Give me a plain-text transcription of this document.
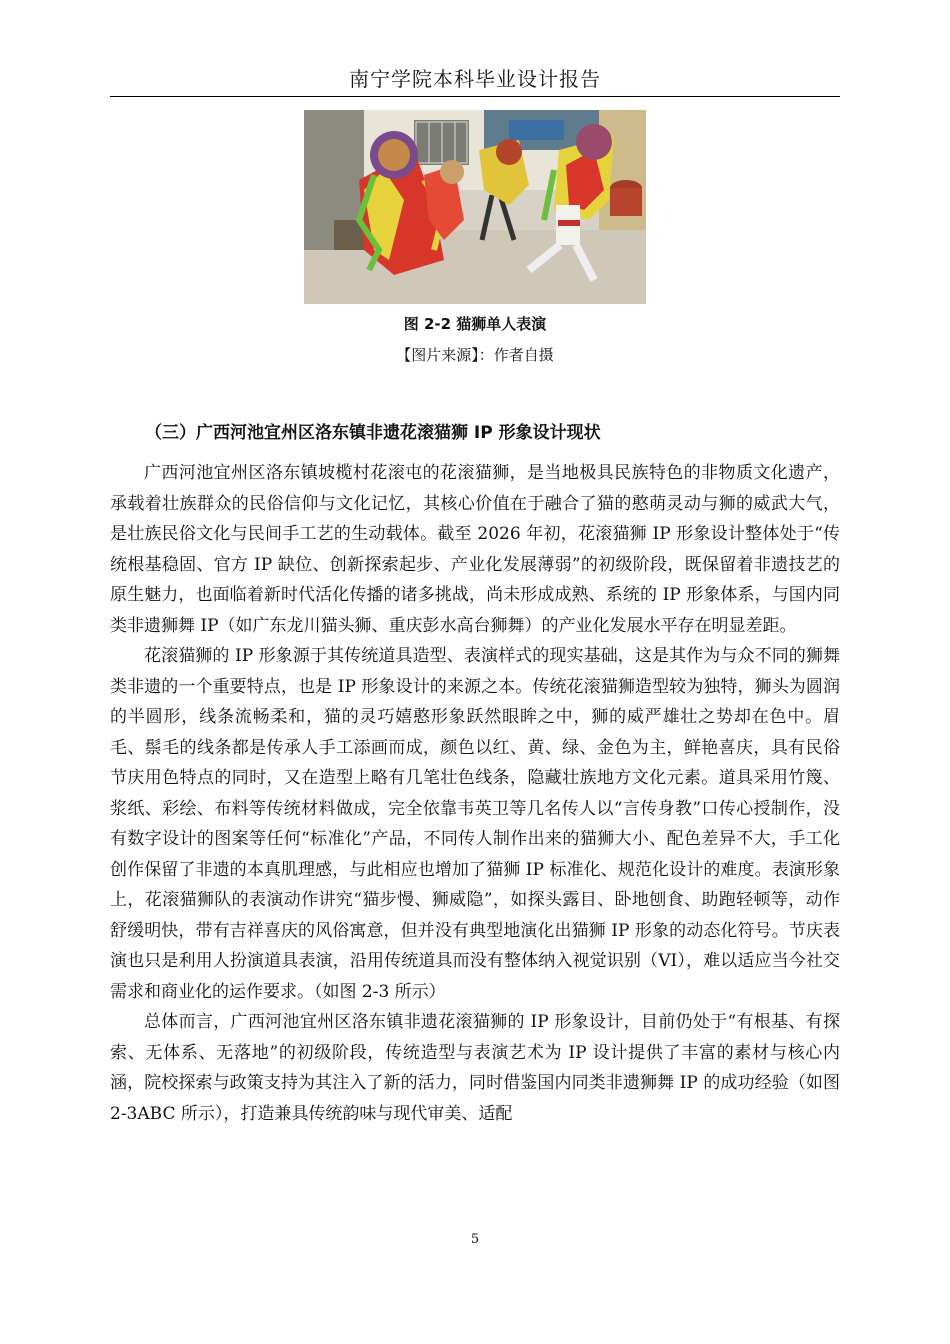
南宁学院本科毕业设计报告
图 2-2 猫狮单人表演
【图片来源】：作者自摄
（三）广西河池宜州区洛东镇非遗花滚猫狮 IP 形象设计现状

广西河池宜州区洛东镇坡榄村花滚屯的花滚猫狮，是当地极具民族特色的非物质文化遗产，承载着壮族群众的民俗信仰与文化记忆，其核心价值在于融合了猫的憨萌灵动与狮的威武大气，是壮族民俗文化与民间手工艺的生动载体。截至 2026 年初，花滚猫狮 IP 形象设计整体处于“传统根基稳固、官方 IP 缺位、创新探索起步、产业化发展薄弱”的初级阶段，既保留着非遗技艺的原生魅力，也面临着新时代活化传播的诸多挑战，尚未形成成熟、系统的 IP 形象体系，与国内同类非遗狮舞 IP（如广东龙川猫头狮、重庆彭水高台狮舞）的产业化发展水平存在明显差距。

花滚猫狮的 IP 形象源于其传统道具造型、表演样式的现实基础，这是其作为与众不同的狮舞类非遗的一个重要特点，也是 IP 形象设计的来源之本。传统花滚猫狮造型较为独特，狮头为圆润的半圆形，线条流畅柔和，猫的灵巧嬉憨形象跃然眼眸之中，狮的威严雄壮之势却在色中。眉毛、鬃毛的线条都是传承人手工添画而成，颜色以红、黄、绿、金色为主，鲜艳喜庆，具有民俗节庆用色特点的同时，又在造型上略有几笔壮色线条，隐藏壮族地方文化元素。道具采用竹篾、浆纸、彩绘、布料等传统材料做成，完全依靠韦英卫等几名传人以“言传身教”口传心授制作，没有数字设计的图案等任何“标准化”产品，不同传人制作出来的猫狮大小、配色差异不大，手工化创作保留了非遗的本真肌理感，与此相应也增加了猫狮 IP 标准化、规范化设计的难度。表演形象上，花滚猫狮队的表演动作讲究“猫步慢、狮威隐”，如探头露目、卧地刨食、助跑轻顿等，动作舒缓明快，带有吉祥喜庆的风俗寓意，但并没有典型地演化出猫狮 IP 形象的动态化符号。节庆表演也只是利用人扮演道具表演，沿用传统道具而没有整体纳入视觉识别（VI），难以适应当今社交需求和商业化的运作要求。（如图 2-3 所示）

总体而言，广西河池宜州区洛东镇非遗花滚猫狮的 IP 形象设计，目前仍处于“有根基、有探索、无体系、无落地”的初级阶段，传统造型与表演艺术为 IP 设计提供了丰富的素材与核心内涵，院校探索与政策支持为其注入了新的活力，同时借鉴国内同类非遗狮舞 IP 的成功经验（如图 2-3ABC 所示），打造兼具传统韵味与现代审美、适配

5
